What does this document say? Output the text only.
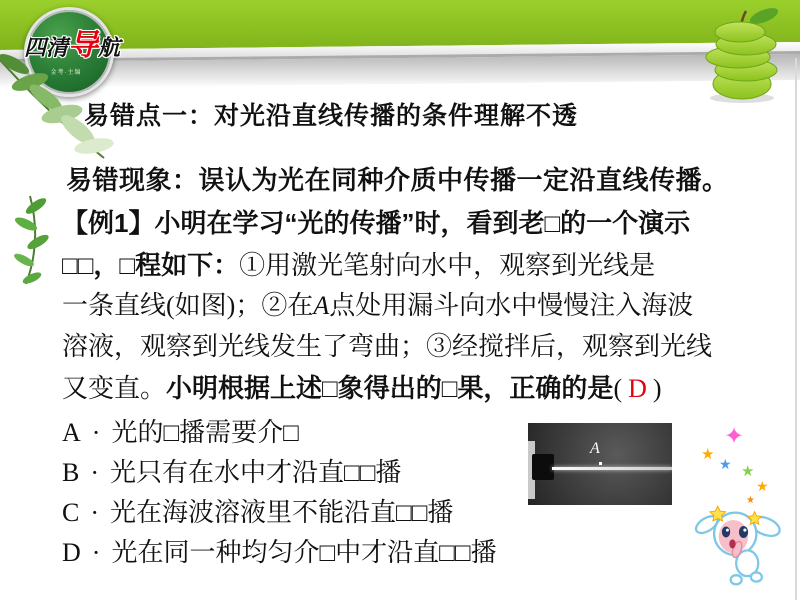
四清导航
金考·主编
易错点一：对光沿直线传播的条件理解不透
易错现象：误认为光在同种介质中传播一定沿直线传播。
【例1】小明在学习“光的传播”时，看到老□的一个演示
□□，□程如下：①用激光笔射向水中，观察到光线是
一条直线(如图)；②在A点处用漏斗向水中慢慢注入海波
溶液，观察到光线发生了弯曲；③经搅拌后，观察到光线
又变直。小明根据上述□象得出的□果，正确的是( D )
A · 光的□播需要介□
B · 光只有在水中才沿直□□播
C · 光在海波溶液里不能沿直□□播
D · 光在同一种均匀介□中才沿直□□播
A	✦
★
★ ★
★
★
